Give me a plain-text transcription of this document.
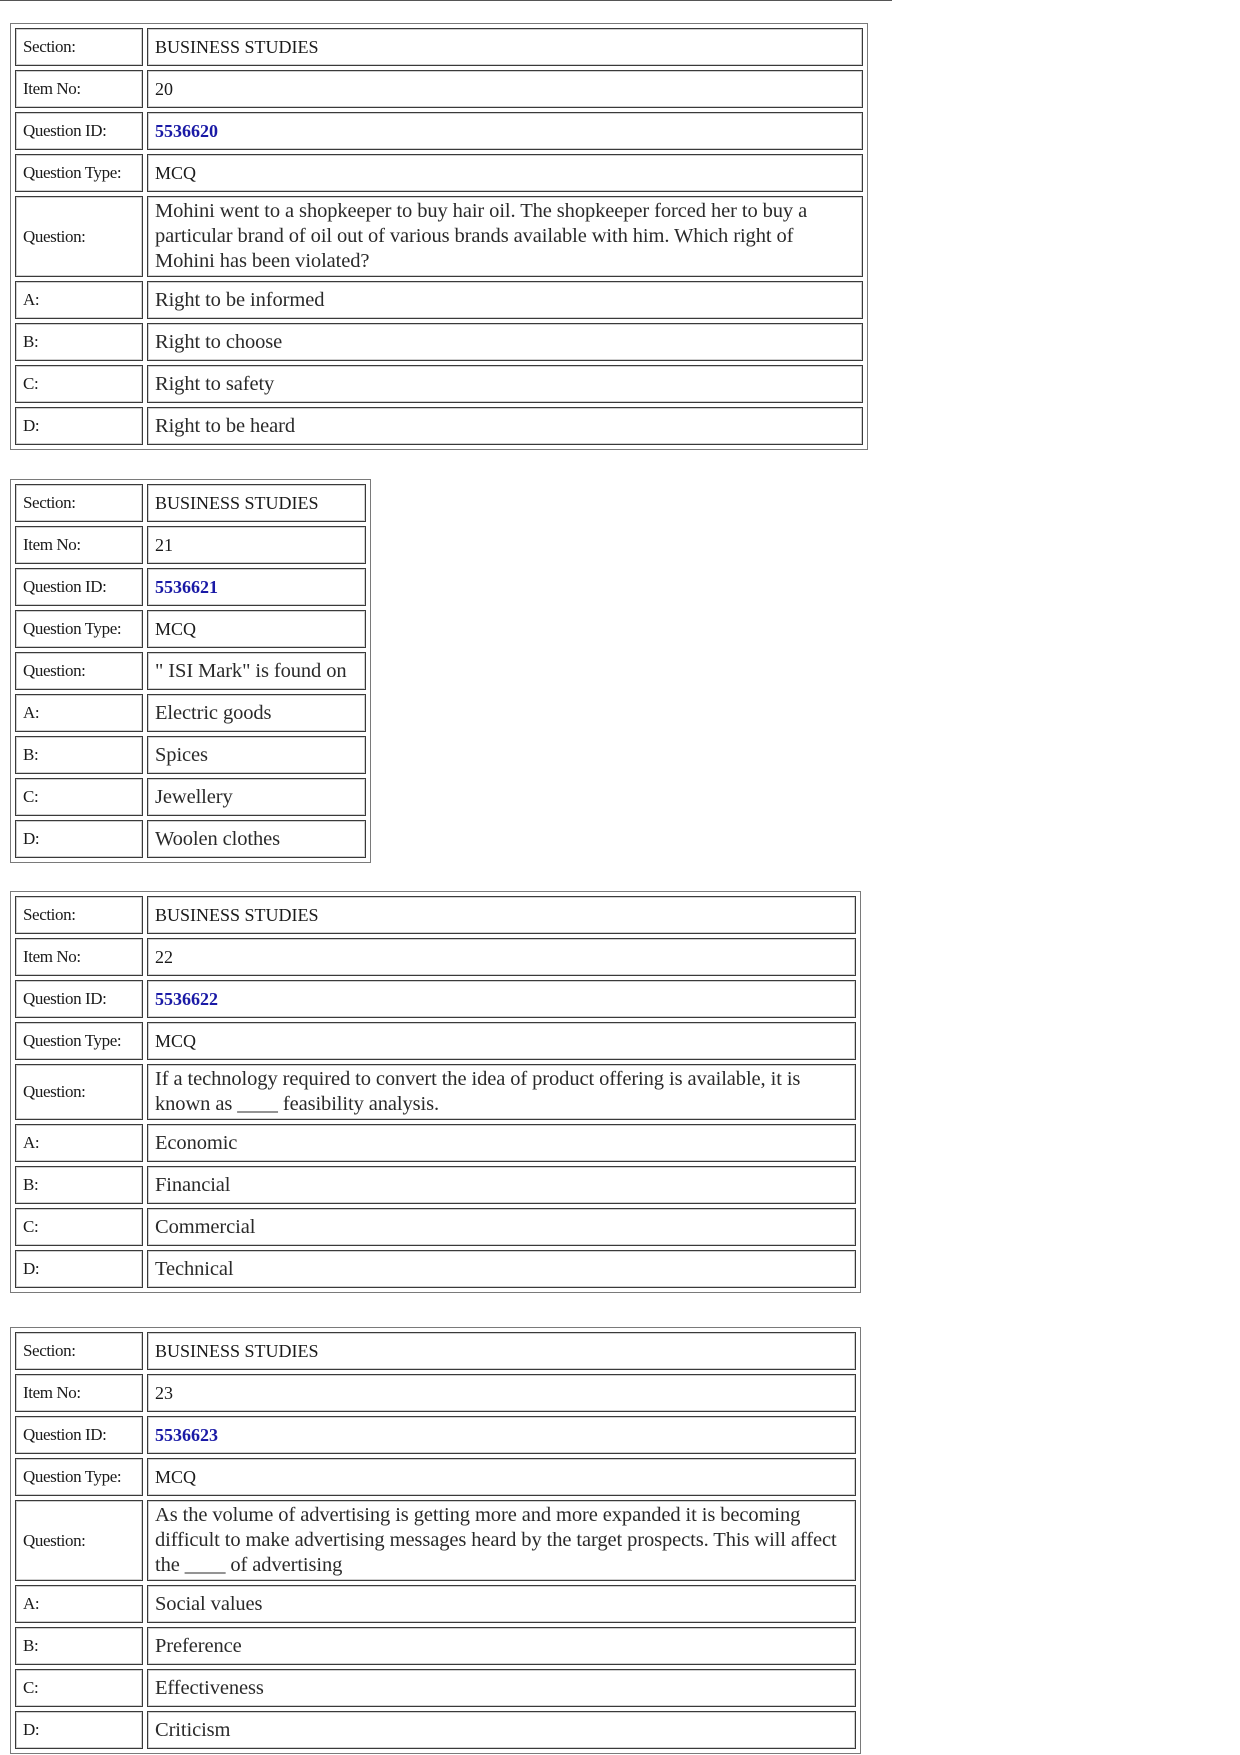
Section:	BUSINESS STUDIES
Item No:	20
Question ID:	5536620
Question Type:	MCQ
Question:	Mohini went to a shopkeeper to buy hair oil. The shopkeeper forced her to buy a particular brand of oil out of various brands available with him. Which right of Mohini has been violated?
A:	Right to be informed
B:	Right to choose
C:	Right to safety
D:	Right to be heard
Section:	BUSINESS STUDIES
Item No:	21
Question ID:	5536621
Question Type:	MCQ
Question:	" ISI Mark" is found on
A:	Electric goods
B:	Spices
C:	Jewellery
D:	Woolen clothes
Section:	BUSINESS STUDIES
Item No:	22
Question ID:	5536622
Question Type:	MCQ
Question:	If a technology required to convert the idea of product offering is available, it is known as ____ feasibility analysis.
A:	Economic
B:	Financial
C:	Commercial
D:	Technical
Section:	BUSINESS STUDIES
Item No:	23
Question ID:	5536623
Question Type:	MCQ
Question:	As the volume of advertising is getting more and more expanded it is becoming difficult to make advertising messages heard by the target prospects. This will affect the ____ of advertising
A:	Social values
B:	Preference
C:	Effectiveness
D:	Criticism
